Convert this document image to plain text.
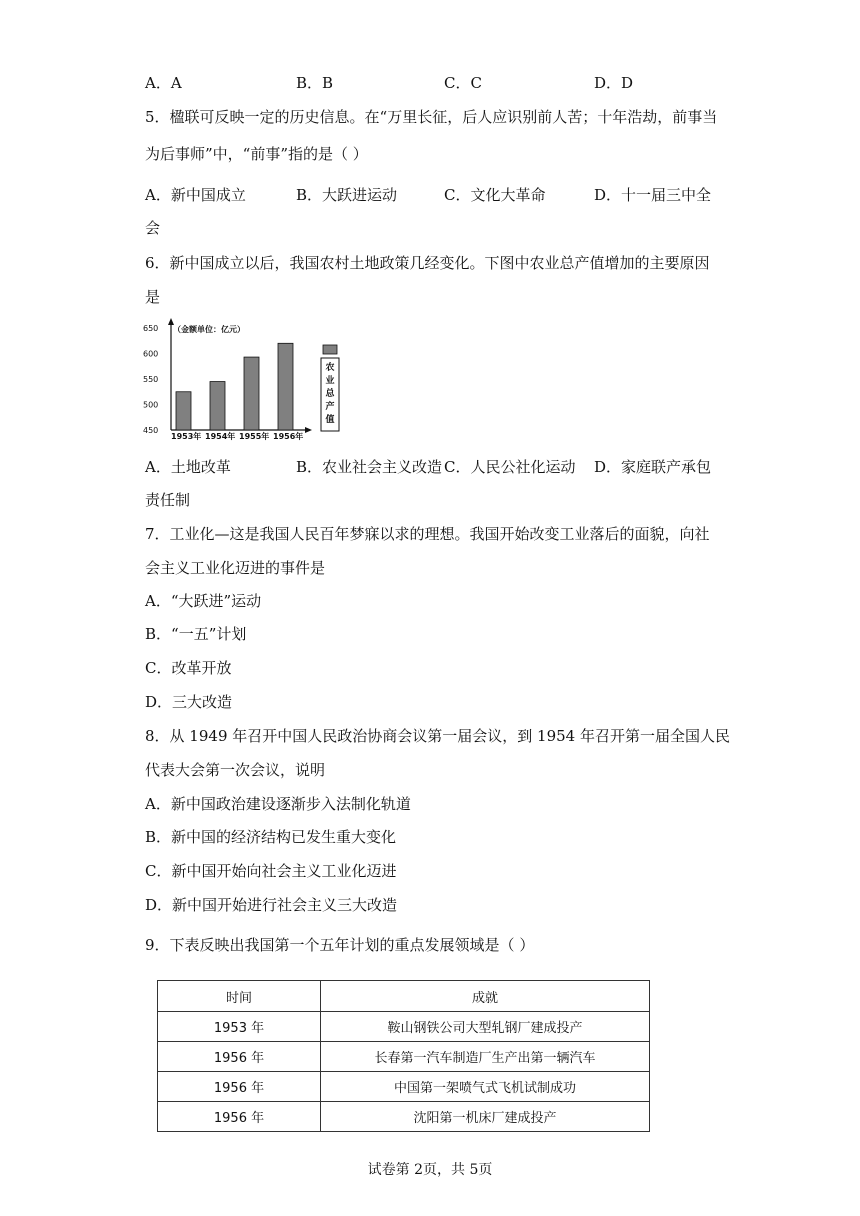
A．A	B．B	C．C	D．D
5．楹联可反映一定的历史信息。在“万里长征，后人应识别前人苦；十年浩劫，前事当
为后事师”中，“前事”指的是（ ）
A．新中国成立	B．大跃进运动	C．文化大革命	D．十一届三中全
会
6．新中国成立以后，我国农村土地政策几经变化。下图中农业总产值增加的主要原因
是
（金额单位：亿元）
650
600
550
500
450
1953年 1954年 1955年 1956年
农业总产值
A．土地改革	B．农业社会主义改造 C．人民公社化运动 D．家庭联产承包
责任制
7．工业化—这是我国人民百年梦寐以求的理想。我国开始改变工业落后的面貌，向社
会主义工业化迈进的事件是
A．“大跃进”运动
B．“一五”计划
C．改革开放
D．三大改造
8．从 1949 年召开中国人民政治协商会议第一届会议，到 1954 年召开第一届全国人民
代表大会第一次会议，说明
A．新中国政治建设逐渐步入法制化轨道
B．新中国的经济结构已发生重大变化
C．新中国开始向社会主义工业化迈进
D．新中国开始进行社会主义三大改造
9．下表反映出我国第一个五年计划的重点发展领域是（ ）
时间	成就
1953 年	鞍山钢铁公司大型轧钢厂建成投产
1956 年	长春第一汽车制造厂生产出第一辆汽车
1956 年	中国第一架喷气式飞机试制成功
1956 年	沈阳第一机床厂建成投产
试卷第 2页，共 5页
